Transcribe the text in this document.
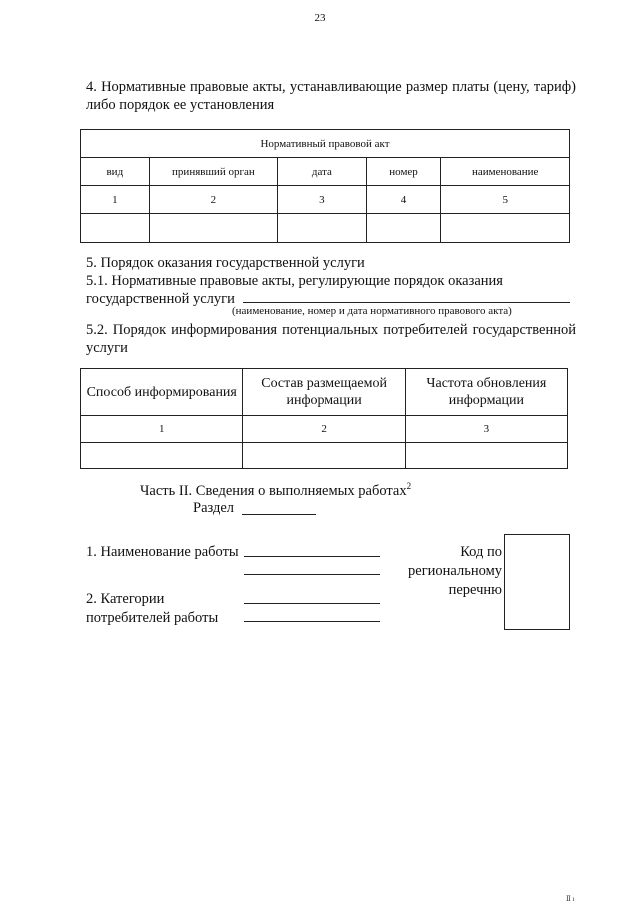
23
4. Нормативные правовые акты, устанавливающие размер платы (цену, тариф) либо порядок ее установления
Нормативный правовой акт				
вид	принявший орган	дата	номер	наименование
1	2	3	4	5

5. Порядок оказания государственной услуги
5.1. Нормативные правовые акты, регулирующие порядок оказания
государственной услуги
(наименование, номер и дата нормативного правового акта)
5.2. Порядок информирования потенциальных потребителей государственной услуги
Способ информирования	Состав размещаемой информации	Частота обновления информации
1	2	3

Часть II. Сведения о выполняемых работах$^2$
Раздел
1. Наименование работы
2. Категории потребителей работы
Код по региональному перечню
Ⅱ ı
